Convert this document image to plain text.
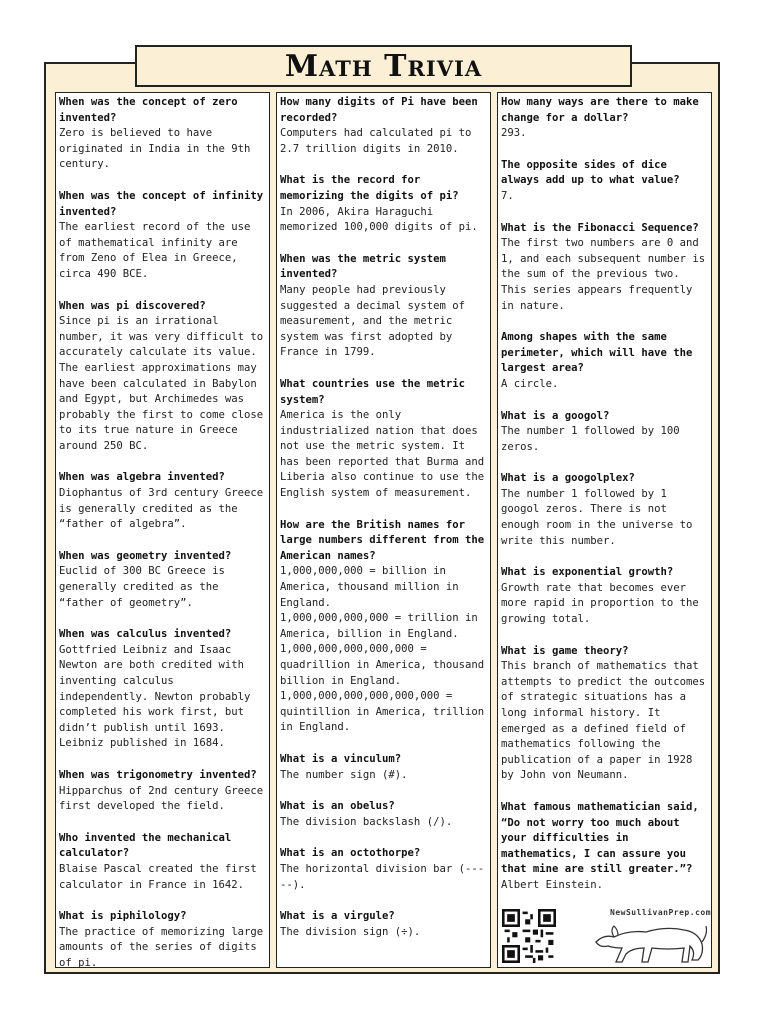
Math Trivia
When was the concept of zero invented?
Zero is believed to have originated in India in the 9th century.
When was the concept of infinity invented?
The earliest record of the use of mathematical infinity are from Zeno of Elea in Greece, circa 490 BCE.
When was pi discovered?
Since pi is an irrational number, it was very difficult to accurately calculate its value. The earliest approximations may have been calculated in Babylon and Egypt, but Archimedes was probably the first to come close to its true nature in Greece around 250 BC.
When was algebra invented?
Diophantus of 3rd century Greece is generally credited as the “father of algebra”.
When was geometry invented?
Euclid of 300 BC Greece is generally credited as the “father of geometry”.
When was calculus invented?
Gottfried Leibniz and Isaac Newton are both credited with inventing calculus independently. Newton probably completed his work first, but didn’t publish until 1693. Leibniz published in 1684.
When was trigonometry invented?
Hipparchus of 2nd century Greece first developed the field.
Who invented the mechanical calculator?
Blaise Pascal created the first calculator in France in 1642.
What is piphilology?
The practice of memorizing large amounts of the series of digits of pi.
How many digits of Pi have been recorded?
Computers had calculated pi to 2.7 trillion digits in 2010.
What is the record for memorizing the digits of pi?
In 2006, Akira Haraguchi memorized 100,000 digits of pi.
When was the metric system invented?
Many people had previously suggested a decimal system of measurement, and the metric system was first adopted by France in 1799.
What countries use the metric system?
America is the only industrialized nation that does not use the metric system. It has been reported that Burma and Liberia also continue to use the English system of measurement.
How are the British names for large numbers different from the American names?
1,000,000,000 = billion in America, thousand million in England.
1,000,000,000,000 = trillion in America, billion in England.
1,000,000,000,000,000 = quadrillion in America, thousand billion in England.
1,000,000,000,000,000,000 = quintillion in America, trillion in England.
What is a vinculum?
The number sign (#).
What is an obelus?
The division backslash (/).
What is an octothorpe?
The horizontal division bar (-----).
What is a virgule?
The division sign (÷).
How many ways are there to make change for a dollar?
293.
The opposite sides of dice always add up to what value?
7.
What is the Fibonacci Sequence?
The first two numbers are 0 and 1, and each subsequent number is the sum of the previous two. This series appears frequently in nature.
Among shapes with the same perimeter, which will have the largest area?
A circle.
What is a googol?
The number 1 followed by 100 zeros.
What is a googolplex?
The number 1 followed by 1 googol zeros. There is not enough room in the universe to write this number.
What is exponential growth?
Growth rate that becomes ever more rapid in proportion to the growing total.
What is game theory?
This branch of mathematics that attempts to predict the outcomes of strategic situations has a long informal history. It emerged as a defined field of mathematics following the publication of a paper in 1928 by John von Neumann.
What famous mathematician said, “Do not worry too much about your difficulties in mathematics, I can assure you that mine are still greater.”?
Albert Einstein.
NewSullivanPrep.com
